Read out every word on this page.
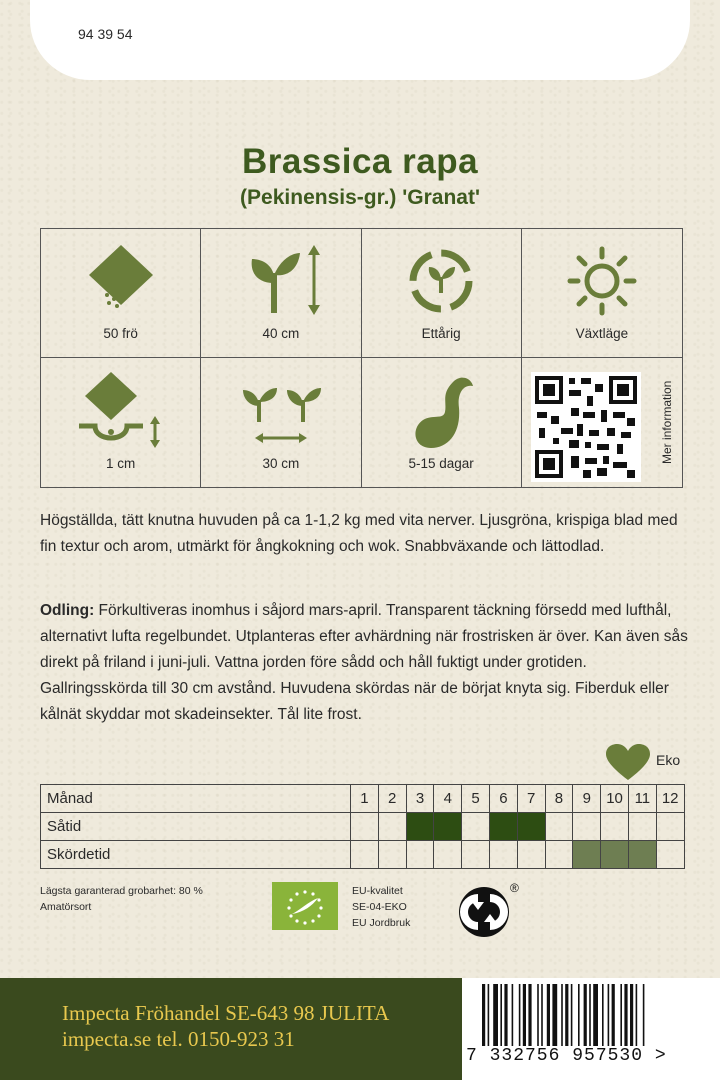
94 39 54
Brassica rapa
(Pekinensis-gr.) 'Granat'
50 frö	40 cm	Ettårig	Växtläge
1 cm	30 cm	5-15 dagar	Mer information
Högställda, tätt knutna huvuden på ca 1-1,2 kg med vita nerver. Ljusgröna, krispiga blad med fin textur och arom, utmärkt för ångkokning och wok. Snabbväxande och lättodlad.
Odling: Förkultiveras inomhus i såjord mars-april. Transparent täckning försedd med lufthål, alternativt lufta regelbundet. Utplanteras efter avhärdning när frostrisken är över. Kan även sås direkt på friland i juni-juli. Vattna jorden före sådd och håll fuktigt under grotiden. Gallringsskörda till 30 cm avstånd. Huvudena skördas när de börjat knyta sig. Fiberduk eller kålnät skyddar mot skadeinsekter. Tål lite frost.
Eko
Månad	1	2	3	4	5	6	7	8	9	10	11	12
Såtid												
Skördetid												
Lägsta garanterad grobarhet: 80 %
Amatörsort
EU-kvalitet
SE-04-EKO
EU Jordbruk
®
Impecta Fröhandel SE-643 98 JULITA
impecta.se tel. 0150-923 31
7 332756 957530 >
